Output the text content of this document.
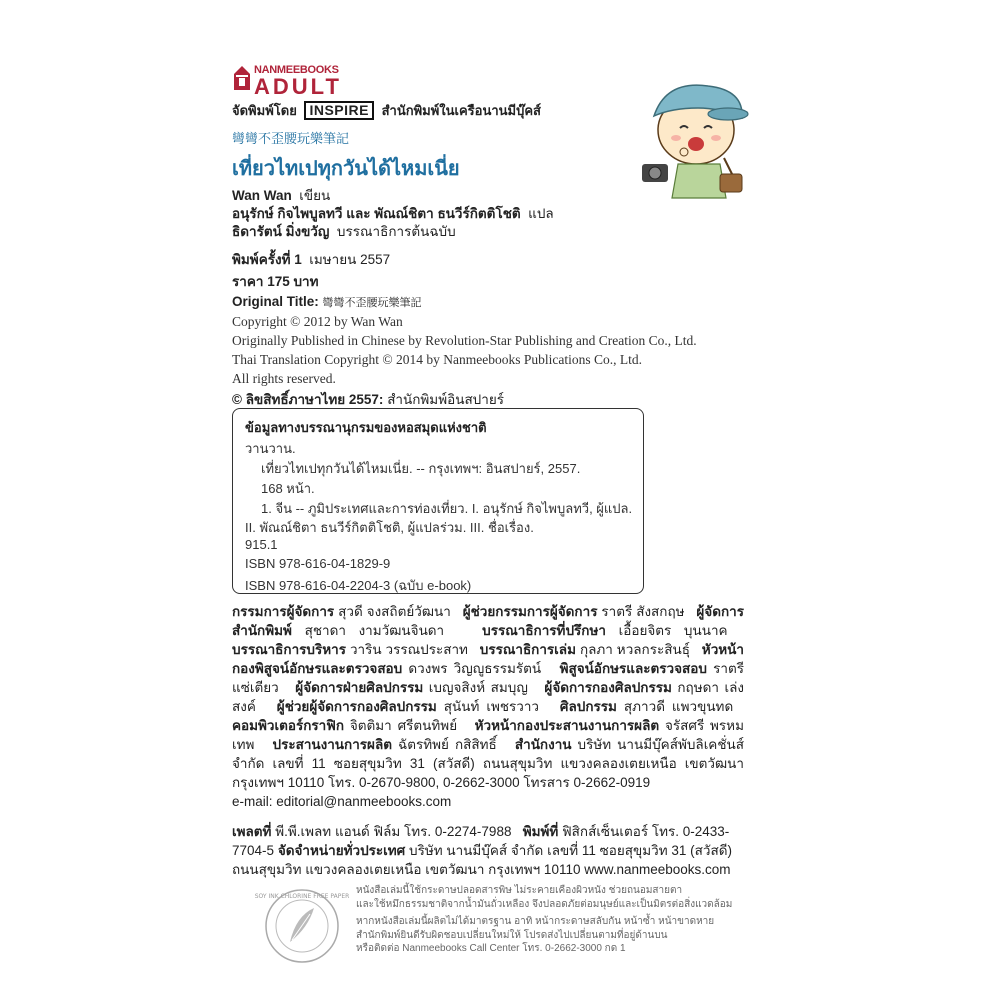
NANMEEBOOKS
ADULT
จัดพิมพ์โดย INSPIRE สำนักพิมพ์ในเครือนานมีบุ๊คส์
彎彎不歪腰玩樂筆記
เที่ยวไทเปทุกวันได้ไหมเนี่ย
Wan Wan เขียน
อนุรักษ์ กิจไพบูลทวี และ พัณณ์ชิตา ธนวีร์กิตติโชติ แปล
ธิดารัตน์ มิ่งขวัญ บรรณาธิการต้นฉบับ
พิมพ์ครั้งที่ 1 เมษายน 2557
ราคา 175 บาท
Original Title: 彎彎不歪腰玩樂筆記
Copyright © 2012 by Wan Wan
Originally Published in Chinese by Revolution-Star Publishing and Creation Co., Ltd.
Thai Translation Copyright © 2014 by Nanmeebooks Publications Co., Ltd.
All rights reserved.
© ลิขสิทธิ์ภาษาไทย 2557: สำนักพิมพ์อินสปายร์
ข้อมูลทางบรรณานุกรมของหอสมุดแห่งชาติ
วานวาน.
เที่ยวไทเปทุกวันได้ไหมเนี่ย. -- กรุงเทพฯ: อินสปายร์, 2557.
168 หน้า.
1. จีน -- ภูมิประเทศและการท่องเที่ยว. I. อนุรักษ์ กิจไพบูลทวี, ผู้แปล.
II. พัณณ์ชิตา ธนวีร์กิตติโชติ, ผู้แปลร่วม. III. ชื่อเรื่อง.
915.1
ISBN 978-616-04-1829-9
ISBN 978-616-04-2204-3 (ฉบับ e-book)
กรรมการผู้จัดการ สุวดี จงสถิตย์วัฒนา ผู้ช่วยกรรมการผู้จัดการ ราตรี สังสกฤษ ผู้จัดการสำนักพิมพ์ สุชาดา งามวัฒนจินดา	บรรณาธิการที่ปรึกษา เอื้อยจิตร บุนนาค   บรรณาธิการบริหาร วาริน วรรณประสาท บรรณาธิการเล่ม กุลภา หวลกระสินธุ์ หัวหน้ากองพิสูจน์อักษรและตรวจสอบ ดวงพร วิญญูธรรมรัตน์ พิสูจน์อักษรและตรวจสอบ ราตรี แซ่เตียว ผู้จัดการฝ่ายศิลปกรรม เบญจสิงห์ สมบุญ ผู้จัดการกองศิลปกรรม กฤษดา เล่งสงค์ ผู้ช่วยผู้จัดการกองศิลปกรรม สุนันท์ เพชรวาว ศิลปกรรม สุภาวดี แพวขุนทด   คอมพิวเตอร์กราฟิก จิตติมา ศรีตนทิพย์ หัวหน้ากองประสานงานการผลิต จรัสศรี พรหมเทพ ประสานงานการผลิต ฉัตรทิพย์ กสิสิทธิ์ สำนักงาน บริษัท นานมีบุ๊คส์พับลิเคชั่นส์ จำกัด เลขที่ 11 ซอยสุขุมวิท 31 (สวัสดี) ถนนสุขุมวิท แขวงคลองเตยเหนือ เขตวัฒนา กรุงเทพฯ 10110 โทร. 0-2670-9800, 0-2662-3000 โทรสาร 0-2662-0919
e-mail: editorial@nanmeebooks.com
เพลตที่ พี.พี.เพลท แอนด์ ฟิล์ม โทร. 0-2274-7988 พิมพ์ที่ ฟิสิกส์เซ็นเตอร์ โทร. 0-2433-7704-5 จัดจำหน่ายทั่วประเทศ บริษัท นานมีบุ๊คส์ จำกัด เลขที่ 11 ซอยสุขุมวิท 31 (สวัสดี) ถนนสุขุมวิท แขวงคลองเตยเหนือ เขตวัฒนา กรุงเทพฯ 10110 www.nanmeebooks.com
SOY INK CHLORINE FREE PAPER
หนังสือเล่มนี้ใช้กระดาษปลอดสารพิษ ไม่ระคายเคืองผิวหนัง ช่วยถนอมสายตา
และใช้หมึกธรรมชาติจากน้ำมันถั่วเหลือง จึงปลอดภัยต่อมนุษย์และเป็นมิตรต่อสิ่งแวดล้อม
หากหนังสือเล่มนี้ผลิตไม่ได้มาตรฐาน อาทิ หน้ากระดาษสลับกัน หน้าซ้ำ หน้าขาดหาย
สำนักพิมพ์ยินดีรับผิดชอบเปลี่ยนใหม่ให้ โปรดส่งไปเปลี่ยนตามที่อยู่ด้านบน
หรือติดต่อ Nanmeebooks Call Center โทร. 0-2662-3000 กด 1
